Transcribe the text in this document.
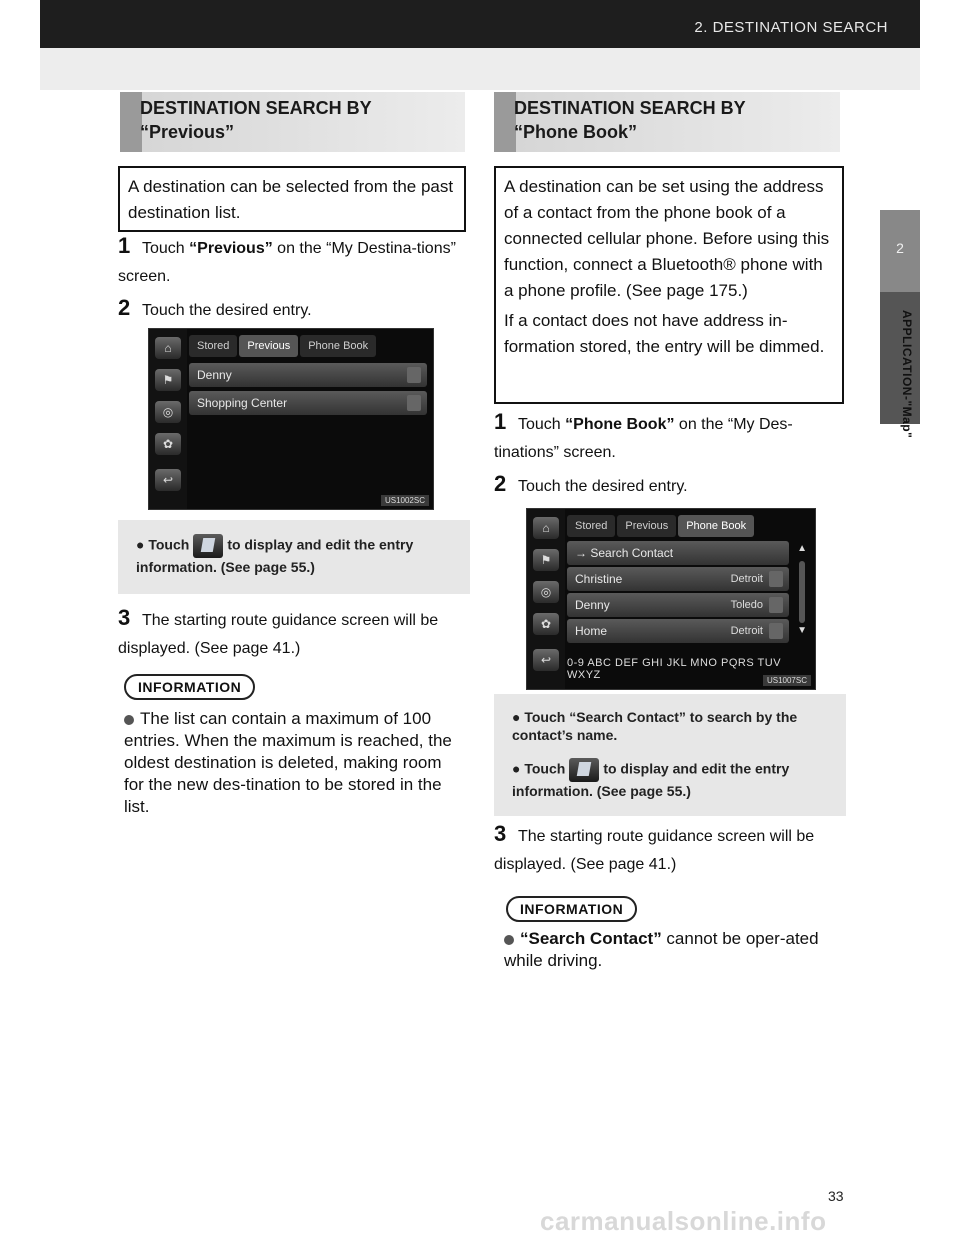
2. DESTINATION SEARCH
2
APPLICATION-"Map"
DESTINATION SEARCH BY
“Previous”
A destination can be selected from the past destination list.
1 Touch “Previous” on the “My Destina-tions” screen.
2 Touch the desired entry.
⌂
⚑
◎
✿
↩
Stored Previous Phone Book
Denny
Shopping Center
US1002SC
● Touch	to display and edit the entry information. (See page 55.)
3 The starting route guidance screen will be displayed. (See page 41.)
INFORMATION
The list can contain a maximum of 100 entries. When the maximum is reached, the oldest destination is deleted, making room for the new des-tination to be stored in the list.
DESTINATION SEARCH BY
“Phone Book”
A destination can be set using the address of a contact from the phone book of a connected cellular phone. Before using this function, connect a Bluetooth® phone with a phone profile. (See page 175.)
If a contact does not have address in-formation stored, the entry will be dimmed.
1 Touch “Phone Book” on the “My Des-tinations” screen.
2 Touch the desired entry.
⌂
⚑
◎
✿
↩
Stored Previous Phone Book
→ Search Contact
Christine	Detroit
Denny	Toledo
Home	Detroit
▲
▼
0-9 ABC DEF GHI JKL MNO PQRS TUV WXYZ	US1007SC
● Touch “Search Contact” to search by the contact’s name.
● Touch	to display and edit the entry information. (See page 55.)
3 The starting route guidance screen will be displayed. (See page 41.)
INFORMATION
“Search Contact” cannot be oper-ated while driving.
33
carmanualsonline.info
